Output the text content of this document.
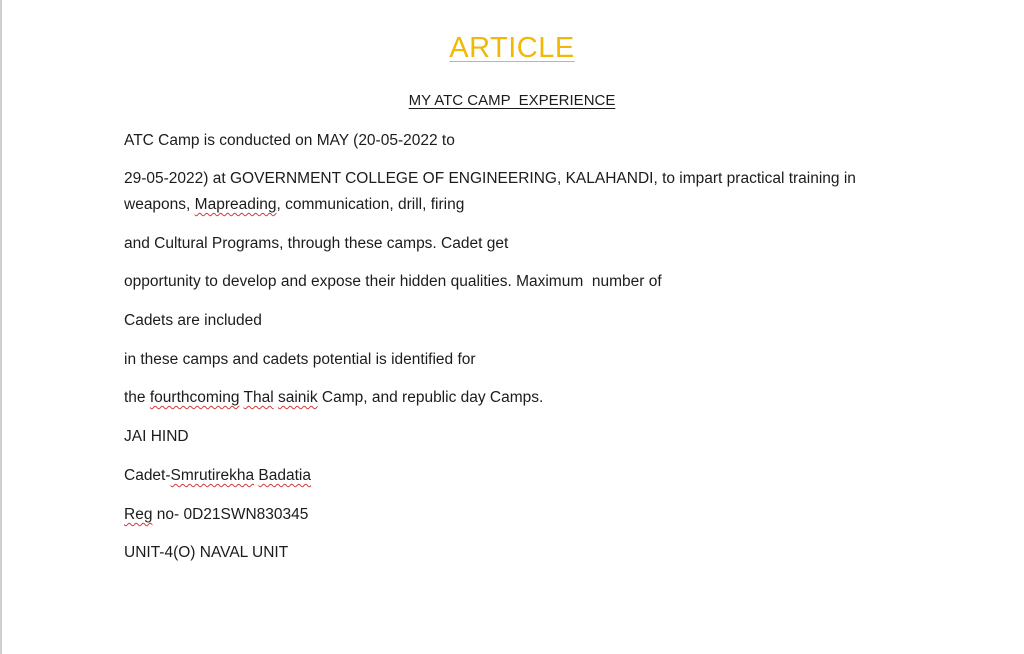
ARTICLE
MY ATC CAMP  EXPERIENCE
ATC Camp is conducted on MAY (20-05-2022 to
29-05-2022) at GOVERNMENT COLLEGE OF ENGINEERING, KALAHANDI, to impart practical training in
weapons, Mapreading, communication, drill, firing
and Cultural Programs, through these camps. Cadet get
opportunity to develop and expose their hidden qualities. Maximum  number of
Cadets are included
in these camps and cadets potential is identified for
the fourthcoming Thal sainik Camp, and republic day Camps.
JAI HIND
Cadet-Smrutirekha Badatia
Reg no- 0D21SWN830345
UNIT-4(O) NAVAL UNIT
